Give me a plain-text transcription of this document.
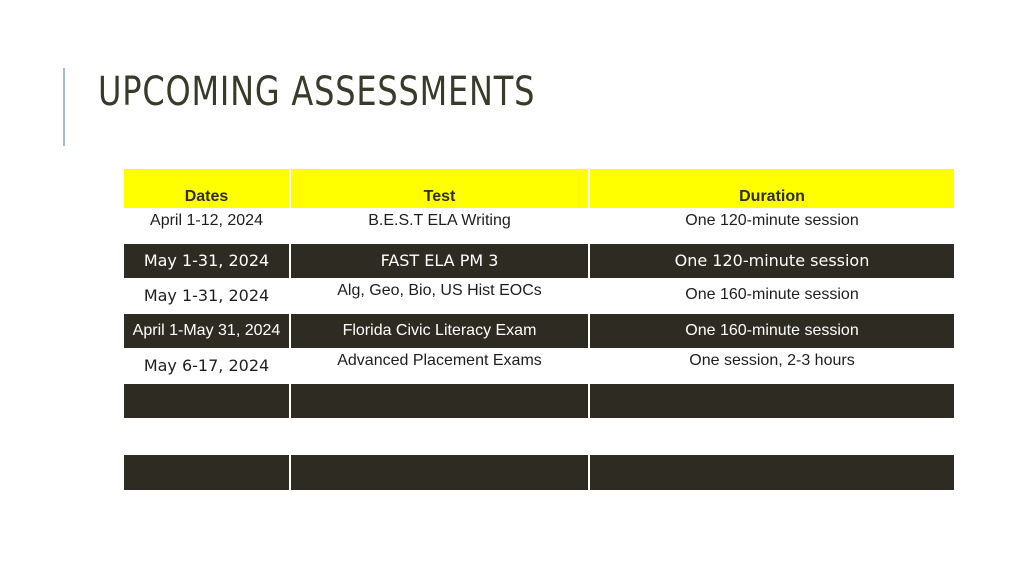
UPCOMING ASSESSMENTS
Dates	Test	Duration
April 1-12, 2024	B.E.S.T ELA Writing	One 120-minute session
May 1-31, 2024	FAST ELA PM 3	One 120-minute session
May 1-31, 2024	Alg, Geo, Bio, US Hist EOCs	One 160-minute session
April 1-May 31, 2024	Florida Civic Literacy Exam	One 160-minute session
May 6-17, 2024	Advanced Placement Exams	One session, 2-3 hours
